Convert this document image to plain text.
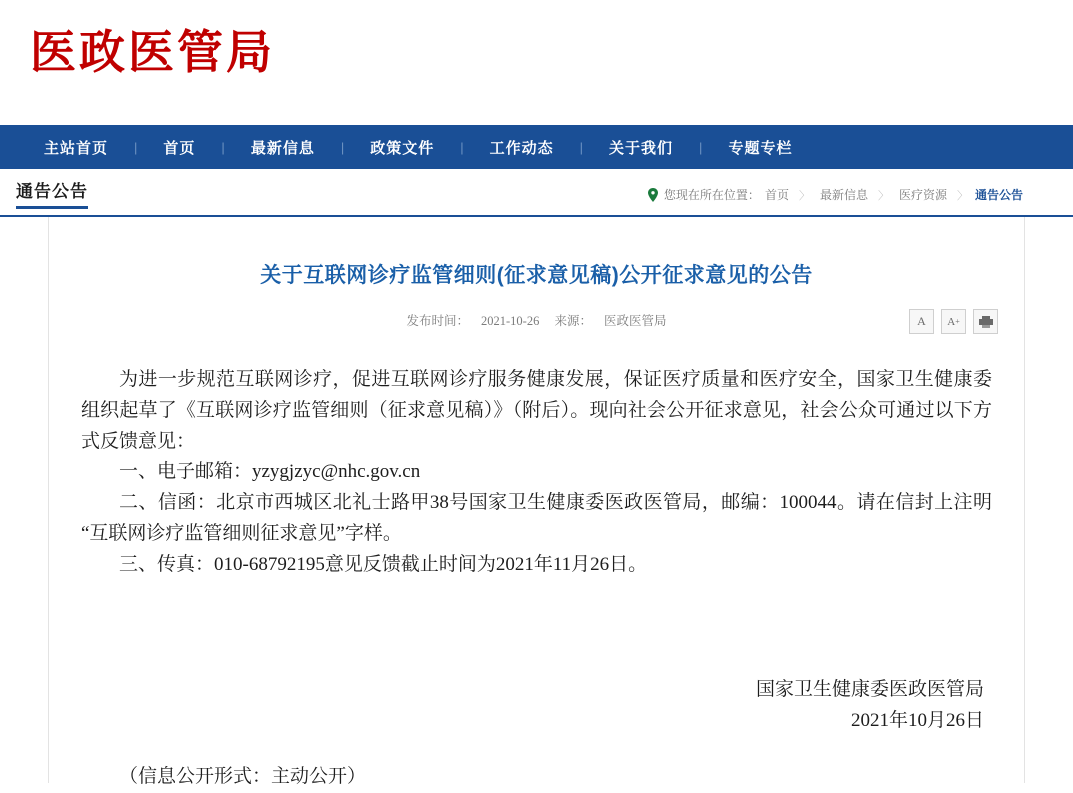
医政医管局
主站首页	|	首页	|	最新信息	|	政策文件	|	工作动态	|	关于我们	|	专题专栏
通告公告	您现在所在位置： 首页 〉 最新信息 〉 医疗资源 〉 通告公告
关于互联网诊疗监管细则(征求意见稿)公开征求意见的公告
发布时间： 2021-10-26 来源： 医政医管局	A	A +

为进一步规范互联网诊疗，促进互联网诊疗服务健康发展，保证医疗质量和医疗安全，国家卫生健康委组织起草了《互联网诊疗监管细则（征求意见稿）》（附后）。现向社会公开征求意见，社会公众可通过以下方式反馈意见：

一、电子邮箱：yzygjzyc@nhc.gov.cn

二、信函：北京市西城区北礼士路甲38号国家卫生健康委医政医管局，邮编：100044。请在信封上注明“互联网诊疗监管细则征求意见”字样。

三、传真：010-68792195意见反馈截止时间为2021年11月26日。

国家卫生健康委医政医管局
2021年10月26日
（信息公开形式：主动公开）
